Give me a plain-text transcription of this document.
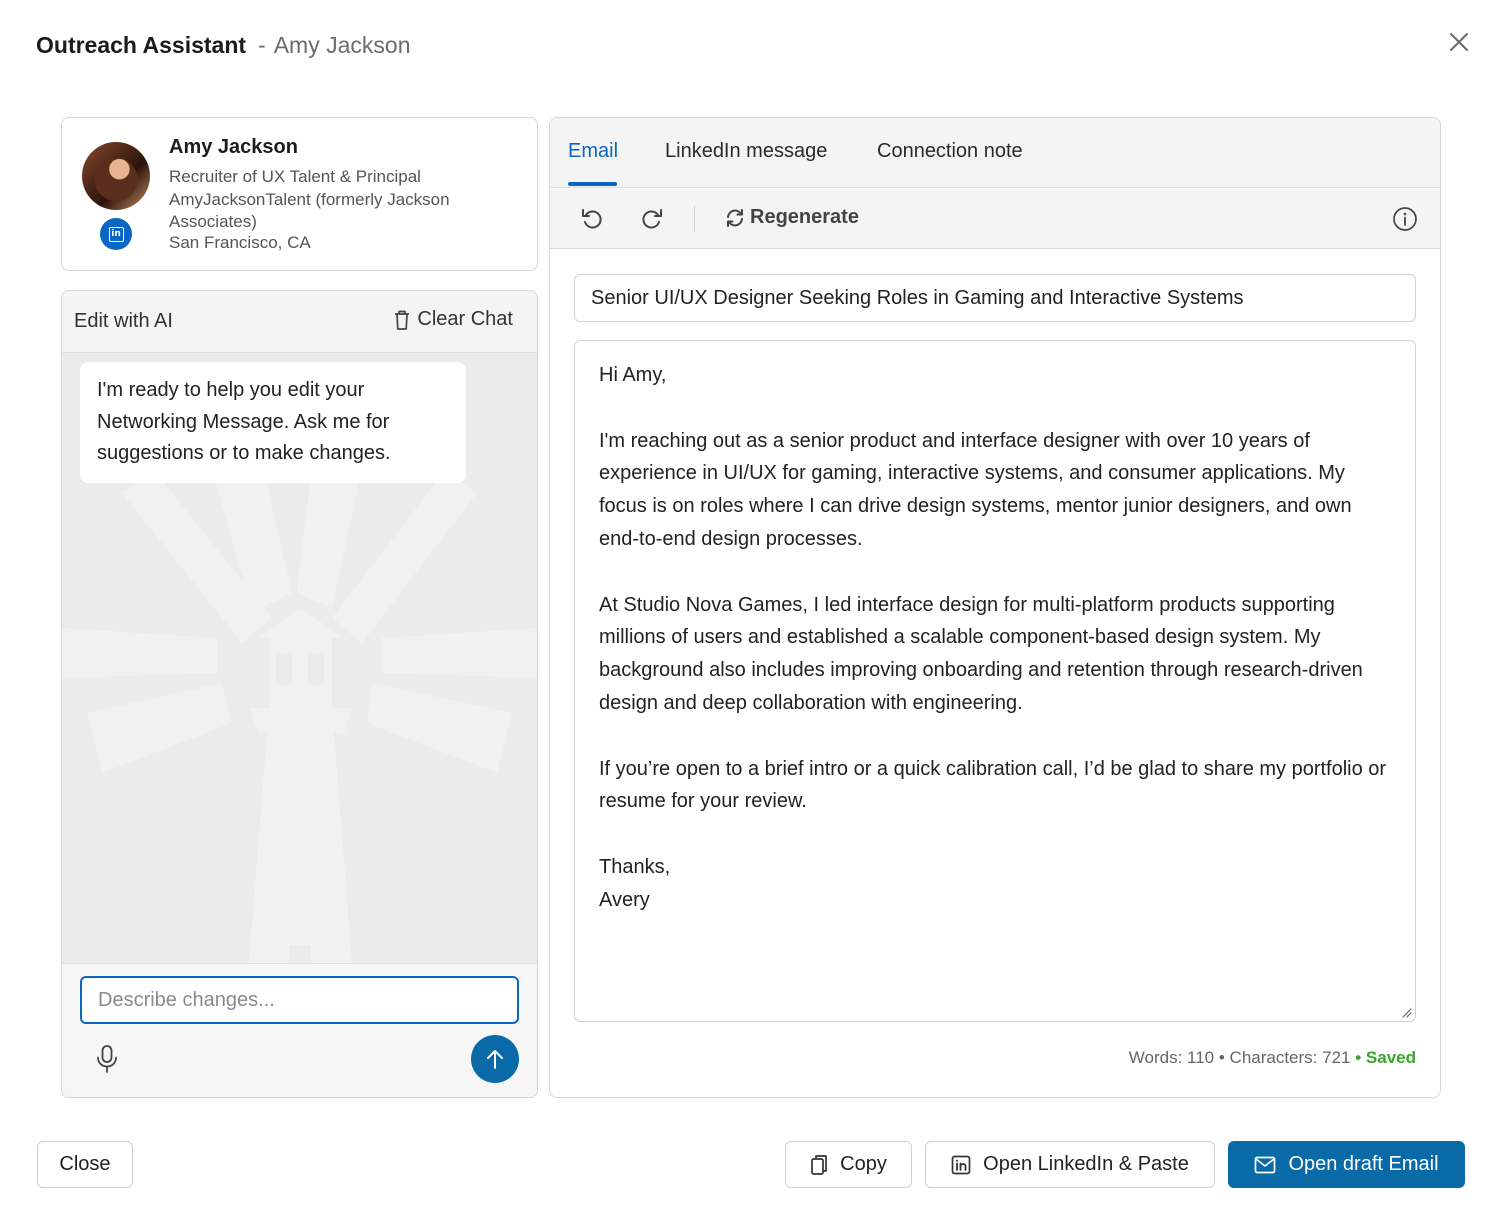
Outreach Assistant - Amy Jackson
in
Amy Jackson
Recruiter of UX Talent & Principal AmyJacksonTalent (formerly Jackson Associates)
San Francisco, CA
Edit with AI	Clear Chat
I'm ready to help you edit your Networking Message. Ask me for suggestions or to make changes.
Describe changes...
Email LinkedIn message Connection note
Regenerate
Senior UI/UX Designer Seeking Roles in Gaming and Interactive Systems

Hi Amy,

I'm reaching out as a senior product and interface designer with over 10 years of experience in UI/UX for gaming, interactive systems, and consumer applications. My focus is on roles where I can drive design systems, mentor junior designers, and own end-to-end design processes.

At Studio Nova Games, I led interface design for multi-platform products supporting millions of users and established a scalable component-based design system. My background also includes improving onboarding and retention through research-driven design and deep collaboration with engineering.

If you’re open to a brief intro or a quick calibration call, I’d be glad to share my portfolio or resume for your review.

Thanks,
Avery

Words: 110 • Characters: 721 • Saved
Close	Copy	Open LinkedIn & Paste	Open draft Email
